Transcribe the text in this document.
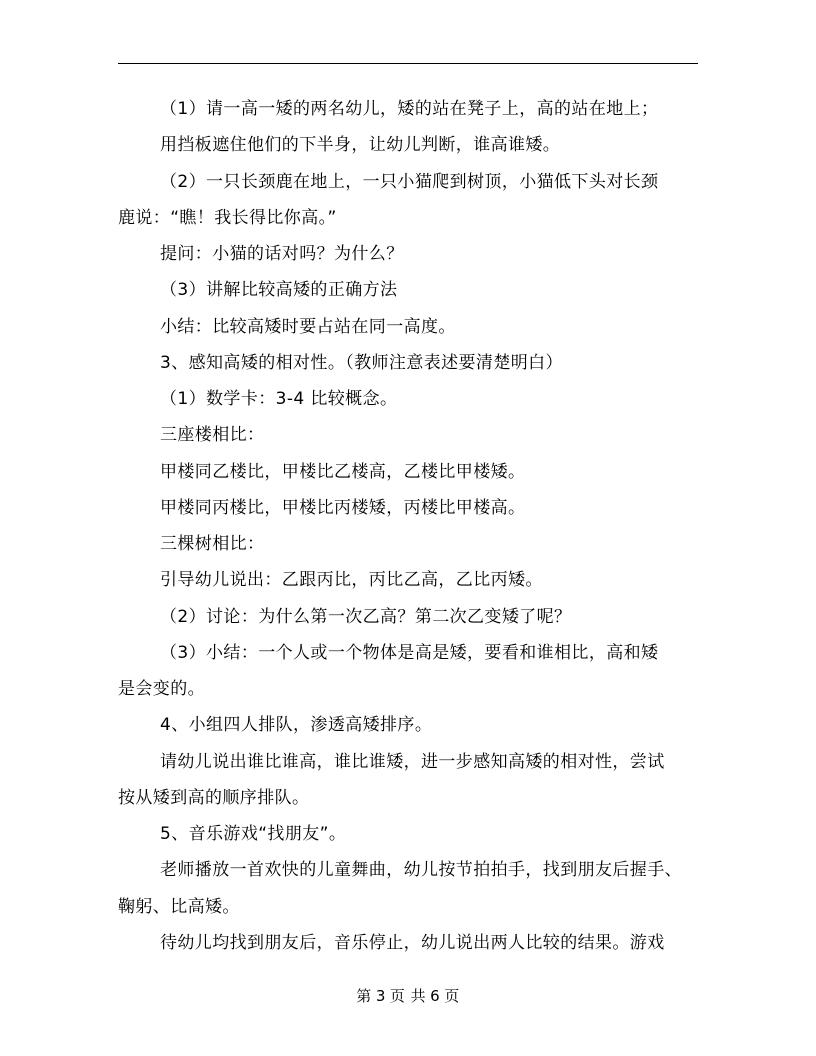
（1）请一高一矮的两名幼儿，矮的站在凳子上，高的站在地上；
用挡板遮住他们的下半身，让幼儿判断，谁高谁矮。
（2）一只长颈鹿在地上，一只小猫爬到树顶，小猫低下头对长颈
鹿说：“瞧！我长得比你高。”
提问：小猫的话对吗？为什么？
（3）讲解比较高矮的正确方法
小结：比较高矮时要占站在同一高度。
3、感知高矮的相对性。（教师注意表述要清楚明白）
（1）数学卡：3-4 比较概念。
三座楼相比：
甲楼同乙楼比，甲楼比乙楼高，乙楼比甲楼矮。
甲楼同丙楼比，甲楼比丙楼矮，丙楼比甲楼高。
三棵树相比：
引导幼儿说出：乙跟丙比，丙比乙高，乙比丙矮。
（2）讨论：为什么第一次乙高？第二次乙变矮了呢？
（3）小结：一个人或一个物体是高是矮，要看和谁相比，高和矮
是会变的。
4、小组四人排队，渗透高矮排序。
请幼儿说出谁比谁高，谁比谁矮，进一步感知高矮的相对性，尝试
按从矮到高的顺序排队。
5、音乐游戏“找朋友”。
老师播放一首欢快的儿童舞曲，幼儿按节拍拍手，找到朋友后握手、
鞠躬、比高矮。
待幼儿均找到朋友后，音乐停止，幼儿说出两人比较的结果。游戏
第 3 页 共 6 页
